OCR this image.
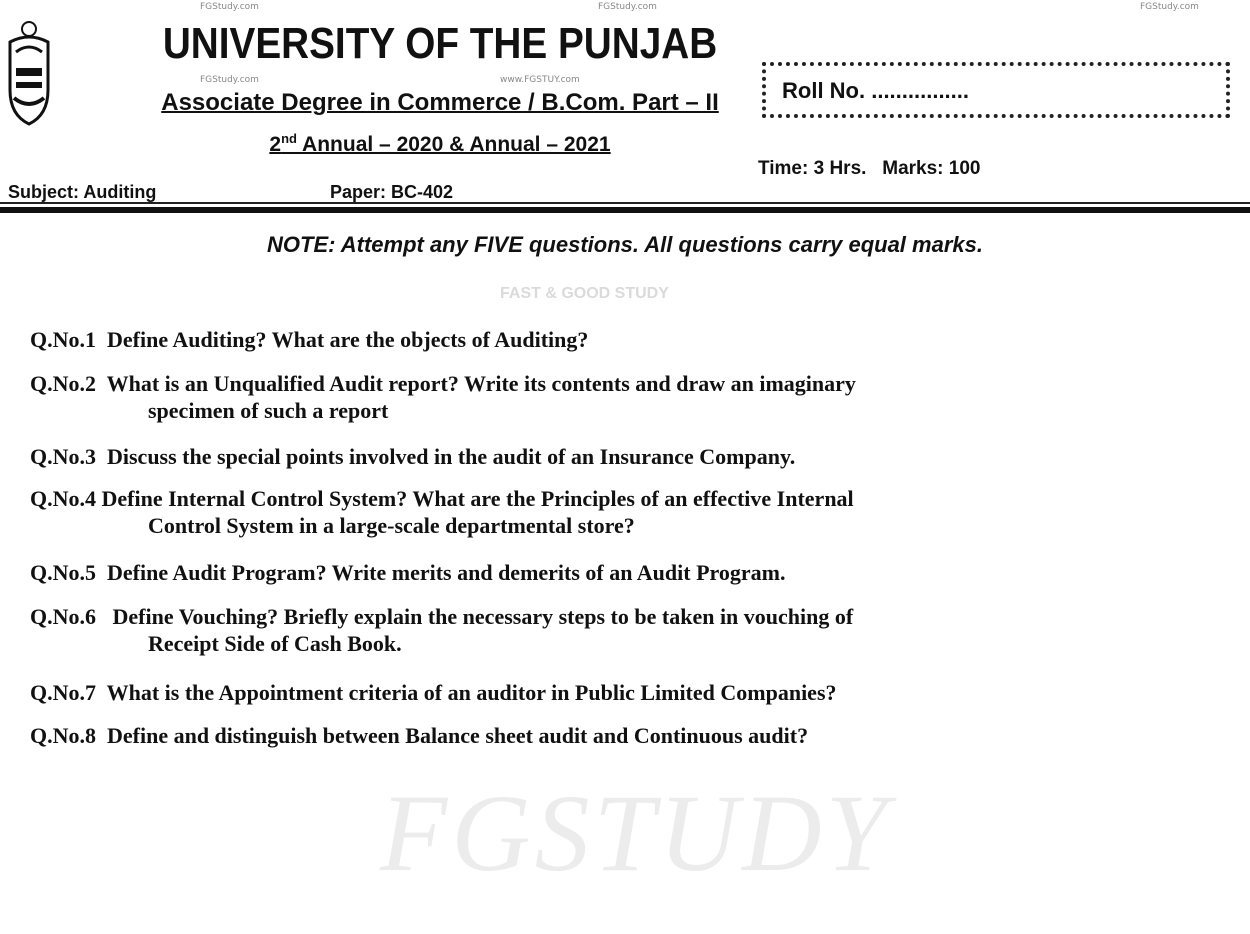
FGStudy.com	FGStudy.com	FGStudy.com
FGStudy.com	www.FGSTUY.com
UNIVERSITY OF THE PUNJAB
Associate Degree in Commerce / B.Com. Part – II
2nd Annual – 2020 & Annual – 2021
Roll No. ................
Time: 3 Hrs.   Marks: 100
Subject: Auditing	Paper: BC-402
NOTE: Attempt any FIVE questions. All questions carry equal marks.
FAST & GOOD STUDY
Q.No.1 Define Auditing? What are the objects of Auditing?
Q.No.2 What is an Unqualified Audit report? Write its contents and draw an imaginary
specimen of such a report
Q.No.3 Discuss the special points involved in the audit of an Insurance Company.
Q.No.4 Define Internal Control System? What are the Principles of an effective Internal
Control System in a large-scale departmental store?
Q.No.5 Define Audit Program? Write merits and demerits of an Audit Program.
Q.No.6 Define Vouching? Briefly explain the necessary steps to be taken in vouching of
Receipt Side of Cash Book.
Q.No.7 What is the Appointment criteria of an auditor in Public Limited Companies?
Q.No.8 Define and distinguish between Balance sheet audit and Continuous audit?
FGSTUDY
